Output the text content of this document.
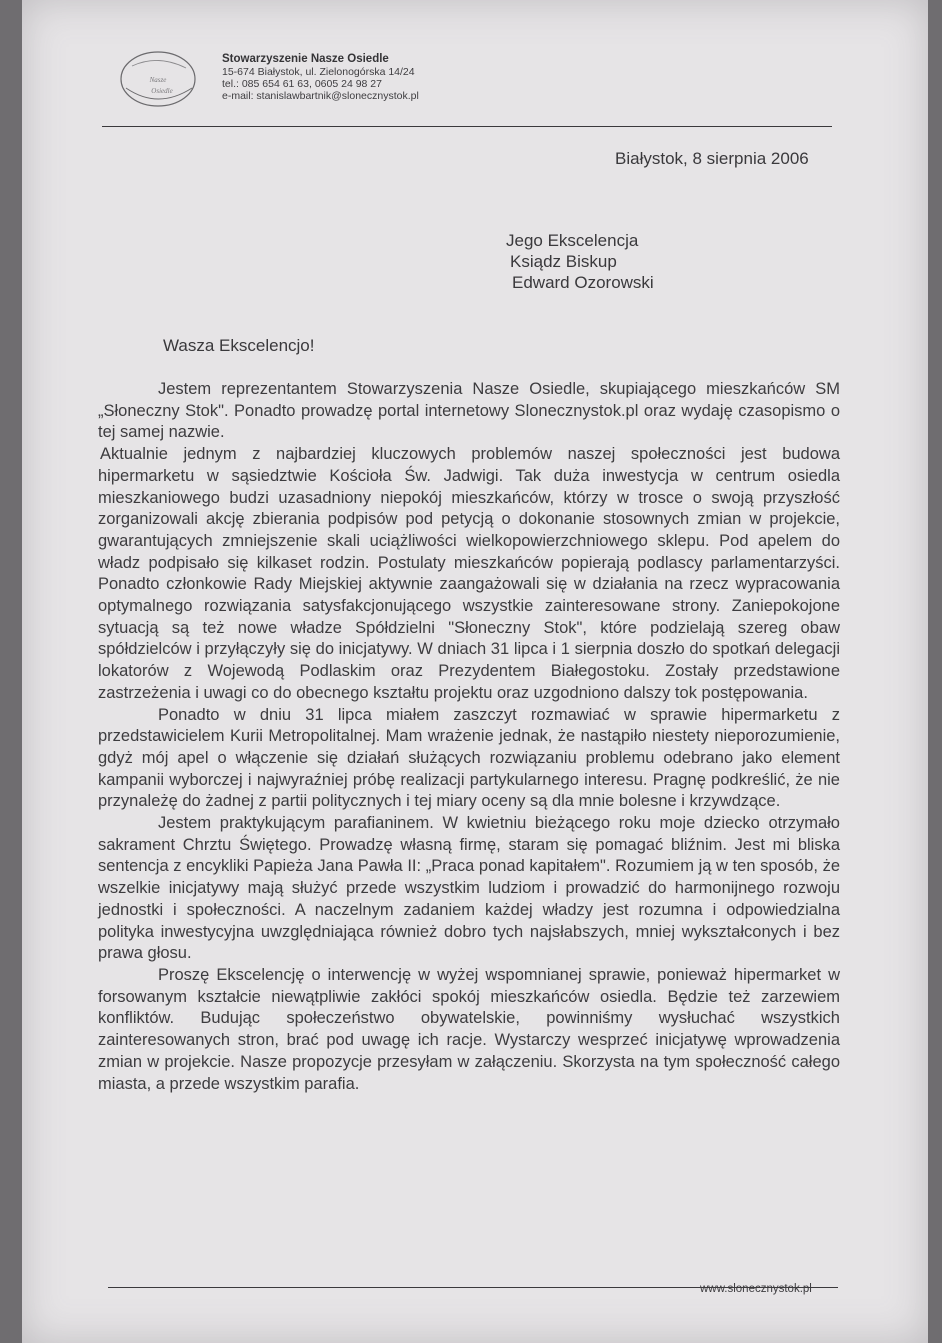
Nasze
Osiedle
Stowarzyszenie Nasze Osiedle
15-674 Białystok, ul. Zielonogórska 14/24
tel.: 085 654 61 63, 0605 24 98 27
e-mail: stanislawbartnik@slonecznystok.pl
Białystok, 8 sierpnia 2006
Jego Ekscelencja
Ksiądz Biskup
Edward Ozorowski
Wasza Ekscelencjo!

Jestem reprezentantem Stowarzyszenia Nasze Osiedle, skupiającego mieszkańców SM „Słoneczny Stok". Ponadto prowadzę portal internetowy Slonecznystok.pl oraz wydaję czasopismo o tej samej nazwie.

Aktualnie jednym z najbardziej kluczowych problemów naszej społeczności jest budowa hipermarketu w sąsiedztwie Kościoła Św. Jadwigi. Tak duża inwestycja w centrum osiedla mieszkaniowego budzi uzasadniony niepokój mieszkańców, którzy w trosce o swoją przyszłość zorganizowali akcję zbierania podpisów pod petycją o dokonanie stosownych zmian w projekcie, gwarantujących zmniejszenie skali uciążliwości wielkopowierzchniowego sklepu. Pod apelem do władz podpisało się kilkaset rodzin. Postulaty mieszkańców popierają podlascy parlamentarzyści. Ponadto członkowie Rady Miejskiej aktywnie zaangażowali się w działania na rzecz wypracowania optymalnego rozwiązania satysfakcjonującego wszystkie zainteresowane strony. Zaniepokojone sytuacją są też nowe władze Spółdzielni "Słoneczny Stok", które podzielają szereg obaw spółdzielców i przyłączyły się do inicjatywy. W dniach 31 lipca i 1 sierpnia doszło do spotkań delegacji lokatorów z Wojewodą Podlaskim oraz Prezydentem Białegostoku. Zostały przedstawione zastrzeżenia i uwagi co do obecnego kształtu projektu oraz uzgodniono dalszy tok postępowania.

Ponadto w dniu 31 lipca miałem zaszczyt rozmawiać w sprawie hipermarketu z przedstawicielem Kurii Metropolitalnej. Mam wrażenie jednak, że nastąpiło niestety nieporozumienie, gdyż mój apel o włączenie się działań służących rozwiązaniu problemu odebrano jako element kampanii wyborczej i najwyraźniej próbę realizacji partykularnego interesu. Pragnę podkreślić, że nie przynależę do żadnej z partii politycznych i tej miary oceny są dla mnie bolesne i krzywdzące.

Jestem praktykującym parafianinem. W kwietniu bieżącego roku moje dziecko otrzymało sakrament Chrztu Świętego. Prowadzę własną firmę, staram się pomagać bliźnim. Jest mi bliska sentencja z encykliki Papieża Jana Pawła II: „Praca ponad kapitałem". Rozumiem ją w ten sposób, że wszelkie inicjatywy mają służyć przede wszystkim ludziom i prowadzić do harmonijnego rozwoju jednostki i społeczności. A naczelnym zadaniem każdej władzy jest rozumna i odpowiedzialna polityka inwestycyjna uwzględniająca również dobro tych najsłabszych, mniej wykształconych i bez prawa głosu.

Proszę Ekscelencję o interwencję w wyżej wspomnianej sprawie, ponieważ hipermarket w forsowanym kształcie niewątpliwie zakłóci spokój mieszkańców osiedla. Będzie też zarzewiem konfliktów. Budując społeczeństwo obywatelskie, powinniśmy wysłuchać wszystkich zainteresowanych stron, brać pod uwagę ich racje. Wystarczy wesprzeć inicjatywę wprowadzenia zmian w projekcie. Nasze propozycje przesyłam w załączeniu. Skorzysta na tym społeczność całego miasta, a przede wszystkim parafia.

www.slonecznystok.pl
